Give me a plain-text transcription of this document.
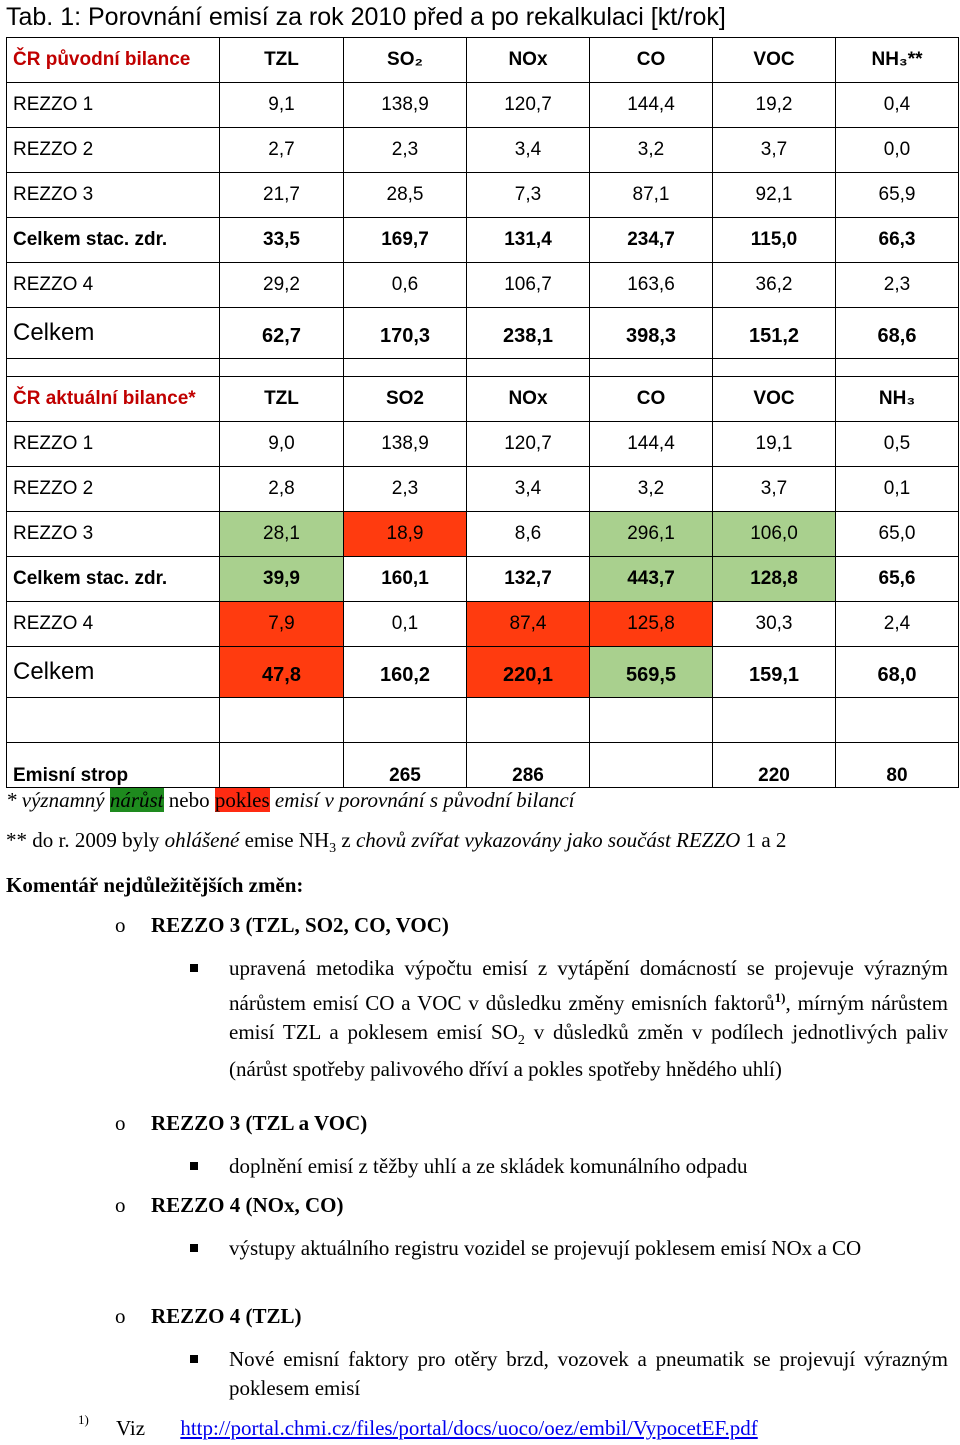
Tab. 1: Porovnání emisí za rok 2010 před a po rekalkulaci [kt/rok]
ČR původní bilance	TZL	SO₂	NOx	CO	VOC	NH₃**
REZZO 1	9,1	138,9	120,7	144,4	19,2	0,4
REZZO 2	2,7	2,3	3,4	3,2	3,7	0,0
REZZO 3	21,7	28,5	7,3	87,1	92,1	65,9
Celkem stac. zdr.	33,5	169,7	131,4	234,7	115,0	66,3
REZZO 4	29,2	0,6	106,7	163,6	36,2	2,3
Celkem	62,7	170,3	238,1	398,3	151,2	68,6

ČR aktuální bilance*	TZL	SO2	NOx	CO	VOC	NH₃
REZZO 1	9,0	138,9	120,7	144,4	19,1	0,5
REZZO 2	2,8	2,3	3,4	3,2	3,7	0,1
REZZO 3	28,1	18,9	8,6	296,1	106,0	65,0
Celkem stac. zdr.	39,9	160,1	132,7	443,7	128,8	65,6
REZZO 4	7,9	0,1	87,4	125,8	30,3	2,4
Celkem	47,8	160,2	220,1	569,5	159,1	68,0

Emisní strop		265	286		220	80
* významný nárůst nebo pokles emisí v porovnání s původní bilancí
** do r. 2009 byly ohlášené emise $NH_3$ z chovů zvířat vykazovány jako součást REZZO 1 a 2
Komentář nejdůležitějších změn:
o REZZO 3 (TZL, SO2, CO, VOC)
upravená metodika výpočtu emisí z vytápění domácností se projevuje výrazným nárůstem emisí CO a VOC v důsledku změny emisních faktorů$^{1)}$, mírným nárůstem emisí TZL a poklesem emisí $SO_2$ v důsledků změn v podílech jednotlivých paliv (nárůst spotřeby palivového dříví a pokles spotřeby hnědého uhlí)
o REZZO 3 (TZL a VOC)
doplnění emisí z těžby uhlí a ze skládek komunálního odpadu
o REZZO 4 (NOx, CO)
výstupy aktuálního registru vozidel se projevují poklesem emisí NOx a CO
o REZZO 4 (TZL)
Nové emisní faktory pro otěry brzd, vozovek a pneumatik se projevují výrazným poklesem emisí
$^{1)}$ Viz http://portal.chmi.cz/files/portal/docs/uoco/oez/embil/VypocetEF.pdf
